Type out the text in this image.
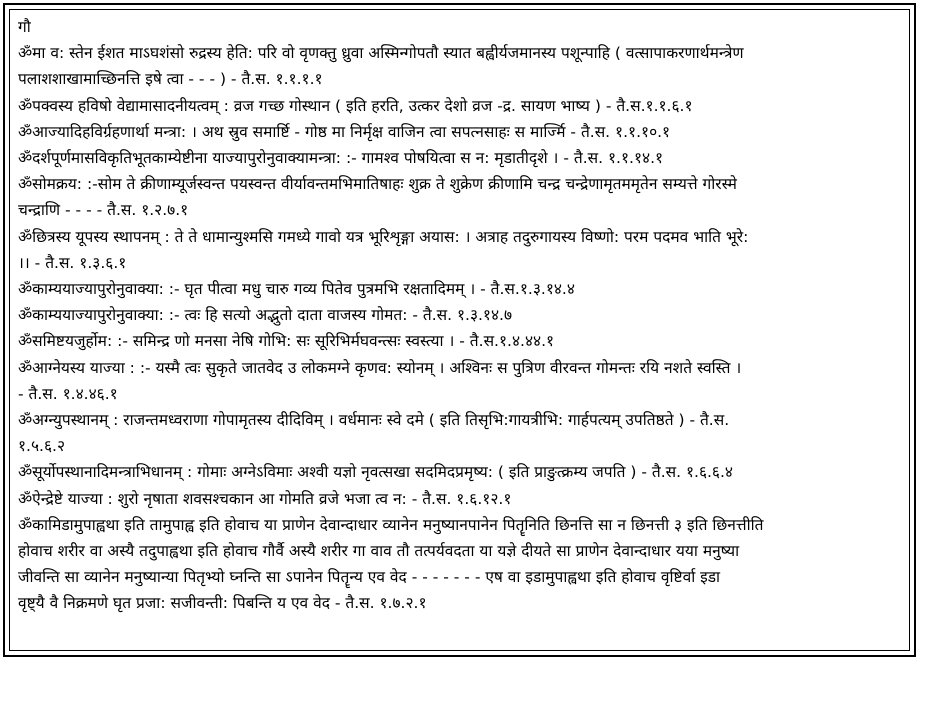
गौ
ॐमा व: स्तेन ईशत माऽघशंसो रुद्रस्य हेति: परि वो वृणक्तु ध्रुवा अस्मिन्गोपतौ स्यात बह्वीर्यजमानस्य पशून्पाहि ( वत्सापाकरणार्थमन्त्रेण
पलाशशाखामाच्छिनत्ति इषे त्वा - - - ) - तै.स. १.१.१.१
ॐपक्वस्य हविषो वेद्यामासादनीयत्वम् : व्रज गच्छ गोस्थान ( इति हरति, उत्कर देशो व्रज -द्र. सायण भाष्य ) - तै.स.१.१.६.१
ॐआज्यादिहविर्ग्रहणार्था मन्त्रा: । अथ स्रुव समार्ष्टि - गोष्ठ मा निर्मृक्ष वाजिन त्वा सपत्नसाहः स मार्ज्मि - तै.स. १.१.१०.१
ॐदर्शपूर्णमासविकृतिभूतकाम्येष्टीना याज्यापुरोनुवाक्यामन्त्रा: :- गामश्व पोषयित्वा स न: मृडातीदृशे । - तै.स. १.१.१४.१
ॐसोमक्रय: :-सोम ते क्रीणाम्यूर्जस्वन्त पयस्वन्त वीर्यावन्तमभिमातिषाहः शुक्र ते शुक्रेण क्रीणामि चन्द्र चन्द्रेणामृतममृतेन सम्यत्ते गोरस्मे
चन्द्राणि - - - - तै.स. १.२.७.१
ॐछित्रस्य यूपस्य स्थापनम् : ते ते धामान्युश्मसि गमध्ये गावो यत्र भूरिशृङ्गा अयास: । अत्राह तदुरुगायस्य विष्णो: परम पदमव भाति भूरे:
।। - तै.स. १.३.६.१
ॐकाम्ययाज्यापुरोनुवाक्या: :- घृत पीत्वा मधु चारु गव्य पितेव पुत्रमभि रक्षतादिमम् । - तै.स.१.३.१४.४
ॐकाम्ययाज्यापुरोनुवाक्या: :- त्वः हि सत्यो अद्भुतो दाता वाजस्य गोमत: - तै.स. १.३.१४.७
ॐसमिष्टयजुर्होम: :- समिन्द्र णो मनसा नेषि गोभि: सः सूरिभिर्मघवन्त्सः स्वस्त्या । - तै.स.१.४.४४.१
ॐआग्नेयस्य याज्या : :- यस्मै त्वः सुकृते जातवेद उ लोकमग्ने कृणव: स्योनम् । अश्विनः स पुत्रिण वीरवन्त गोमन्तः रयि नशते स्वस्ति ।
- तै.स. १.४.४६.१
ॐअग्न्युपस्थानम् : राजन्तमध्वराणा गोपामृतस्य दीदिविम् । वर्धमानः स्वे दमे ( इति तिसृभि:गायत्रीभि: गार्हपत्यम् उपतिष्ठते ) - तै.स.
१.५.६.२
ॐसूर्योपस्थानादिमन्त्राभिधानम् : गोमाः अग्नेऽविमाः अश्वी यज्ञो नृवत्सखा सदमिदप्रमृष्य: ( इति प्राङुत्क्रम्य जपति ) - तै.स. १.६.६.४
ॐऐन्द्रेष्टे याज्या : शुरो नृषाता शवसश्चकान आ गोमति व्रजे भजा त्व न: - तै.स. १.६.१२.१
ॐकामिडामुपाह्वथा इति तामुपाह्व इति होवाच या प्राणेन देवान्दाधार व्यानेन मनुष्यानपानेन पितॄनिति छिनत्ति सा न छिनत्ती ३ इति छिनत्तीति
होवाच शरीर वा अस्यै तदुपाह्वथा इति होवाच गौर्वै अस्यै शरीर गा वाव तौ तत्पर्यवदता या यज्ञे दीयते सा प्राणेन देवान्दाधार यया मनुष्या
जीवन्ति सा व्यानेन मनुष्यान्या पितृभ्यो घ्नन्ति सा ऽपानेन पितॄन्य एव वेद - - - - - - - एष वा इडामुपाह्वथा इति होवाच वृष्टिर्वा इडा
वृष्ट्यै वै निक्रमणे घृत प्रजा: सजीवन्ती: पिबन्ति य एव वेद - तै.स. १.७.२.१
